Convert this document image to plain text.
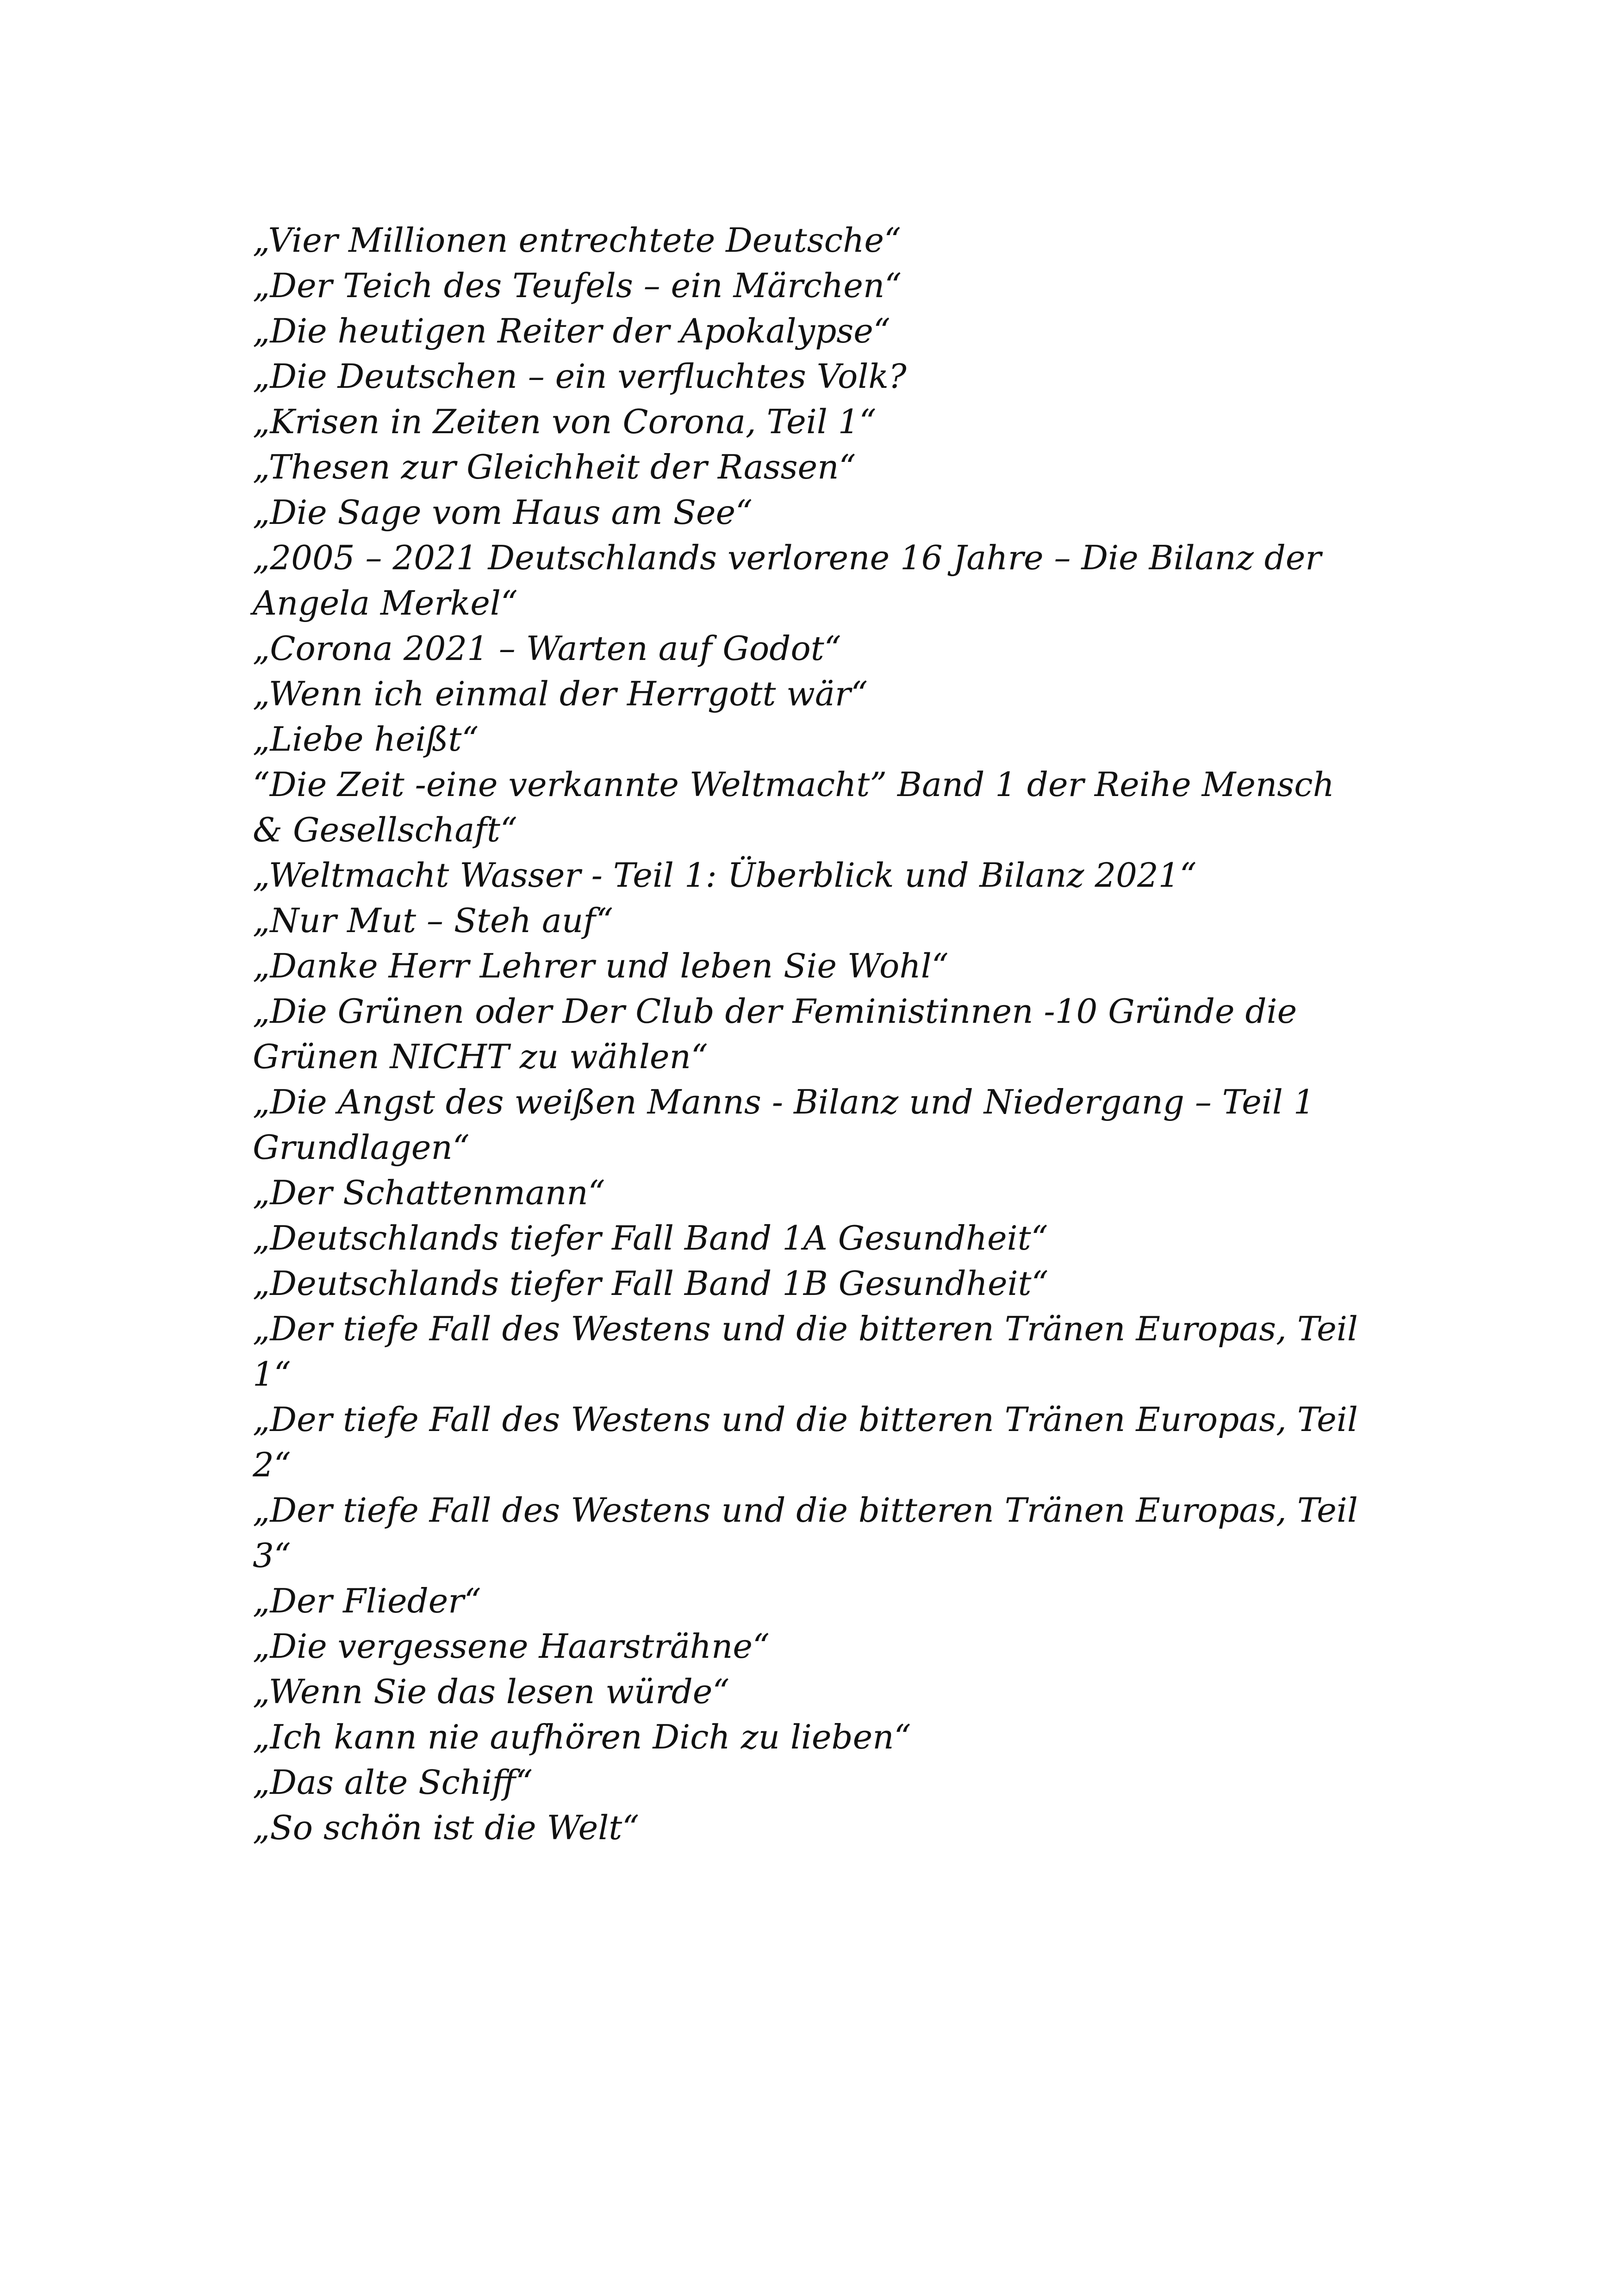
„Vier Millionen entrechtete Deutsche“
„Der Teich des Teufels – ein Märchen“
„Die heutigen Reiter der Apokalypse“
„Die Deutschen – ein verfluchtes Volk?
„Krisen in Zeiten von Corona, Teil 1“
„Thesen zur Gleichheit der Rassen“
„Die Sage vom Haus am See“
„2005 – 2021 Deutschlands verlorene 16 Jahre – Die Bilanz der Angela Merkel“
„Corona 2021 – Warten auf Godot“
„Wenn ich einmal der Herrgott wär“
„Liebe heißt“
“Die Zeit -eine verkannte Weltmacht” Band 1 der Reihe Mensch & Gesellschaft“
„Weltmacht Wasser - Teil 1: Überblick und Bilanz 2021“
„Nur Mut – Steh auf“
„Danke Herr Lehrer und leben Sie Wohl“
„Die Grünen oder Der Club der Feministinnen -10 Gründe die Grünen NICHT zu wählen“
„Die Angst des weißen Manns - Bilanz und Niedergang – Teil 1 Grundlagen“
„Der Schattenmann“
„Deutschlands tiefer Fall Band 1A Gesundheit“
„Deutschlands tiefer Fall Band 1B Gesundheit“
„Der tiefe Fall des Westens und die bitteren Tränen Europas, Teil 1“
„Der tiefe Fall des Westens und die bitteren Tränen Europas, Teil 2“
„Der tiefe Fall des Westens und die bitteren Tränen Europas, Teil 3“
„Der Flieder“
„Die vergessene Haarsträhne“
„Wenn Sie das lesen würde“
„Ich kann nie aufhören Dich zu lieben“
„Das alte Schiff“
„So schön ist die Welt“
